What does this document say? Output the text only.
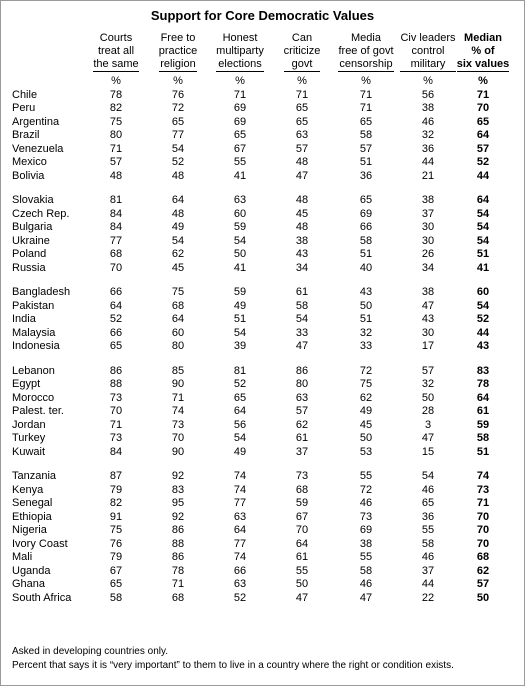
Support for Core Democratic Values
	Courts
treat all
the same	Free to
practice
religion	Honest
multiparty
elections	Can
criticize
govt	Media
free of govt
censorship	Civ leaders
control
military	Median
% of
six values
	%	%	%	%	%	%	%
Chile	78	76	71	71	71	56	71
Peru	82	72	69	65	71	38	70
Argentina	75	65	69	65	65	46	65
Brazil	80	77	65	63	58	32	64
Venezuela	71	54	67	57	57	36	57
Mexico	57	52	55	48	51	44	52
Bolivia	48	48	41	47	36	21	44

Slovakia	81	64	63	48	65	38	64
Czech Rep.	84	48	60	45	69	37	54
Bulgaria	84	49	59	48	66	30	54
Ukraine	77	54	54	38	58	30	54
Poland	68	62	50	43	51	26	51
Russia	70	45	41	34	40	34	41

Bangladesh	66	75	59	61	43	38	60
Pakistan	64	68	49	58	50	47	54
India	52	64	51	54	51	43	52
Malaysia	66	60	54	33	32	30	44
Indonesia	65	80	39	47	33	17	43

Lebanon	86	85	81	86	72	57	83
Egypt	88	90	52	80	75	32	78
Morocco	73	71	65	63	62	50	64
Palest. ter.	70	74	64	57	49	28	61
Jordan	71	73	56	62	45	3	59
Turkey	73	70	54	61	50	47	58
Kuwait	84	90	49	37	53	15	51

Tanzania	87	92	74	73	55	54	74
Kenya	79	83	74	68	72	46	73
Senegal	82	95	77	59	46	65	71
Ethiopia	91	92	63	67	73	36	70
Nigeria	75	86	64	70	69	55	70
Ivory Coast	76	88	77	64	38	58	70
Mali	79	86	74	61	55	46	68
Uganda	67	78	66	55	58	37	62
Ghana	65	71	63	50	46	44	57
South Africa	58	68	52	47	47	22	50
Asked in developing countries only.
Percent that says it is “very important” to them to live in a country where the right or condition exists.
